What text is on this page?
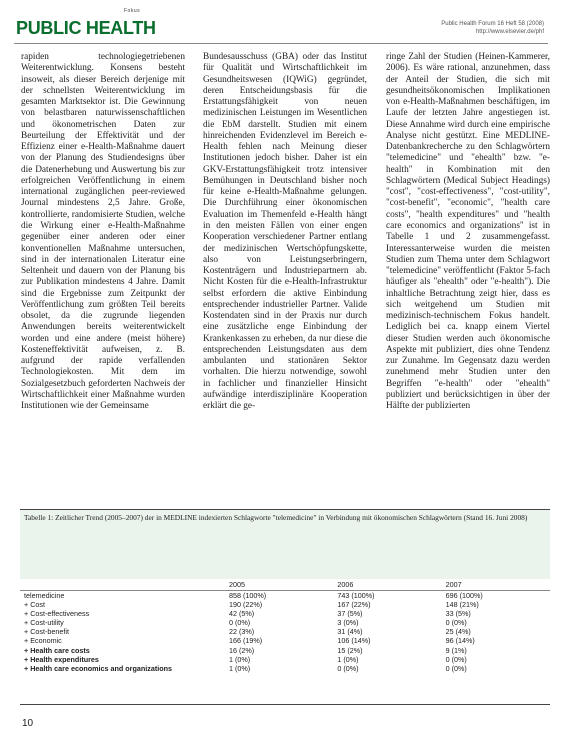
Fokus
PUBLIC HEALTH	Public Health Forum 16 Heft 58 (2008)
http://www.elsevier.de/phf

rapiden technologiegetriebenen Weiterentwicklung. Konsens besteht insoweit, als dieser Bereich derjenige mit der schnellsten Weiterentwicklung im gesamten Marktsektor ist. Die Gewinnung von belastbaren naturwissenschaftlichen und ökonometrischen Daten zur Beurteilung der Effektivität und der Effizienz einer e-Health-Maßnahme dauert von der Planung des Studiendesigns über die Datenerhebung und Auswertung bis zur erfolgreichen Veröffentlichung in einem international zugänglichen peer-reviewed Journal mindestens 2,5 Jahre. Große, kontrollierte, randomisierte Studien, welche die Wirkung einer e-Health-Maßnahme gegenüber einer anderen oder einer konventionellen Maßnahme untersuchen, sind in der internationalen Literatur eine Seltenheit und dauern von der Planung bis zur Publikation mindestens 4 Jahre. Damit sind die Ergebnisse zum Zeitpunkt der Veröffentlichung zum größten Teil bereits obsolet, da die zugrunde liegenden Anwendungen bereits weiterentwickelt worden und eine andere (meist höhere) Kosteneffektivität aufweisen, z. B. aufgrund der rapide verfallenden Technologiekosten. Mit dem im Sozialgesetzbuch geforderten Nachweis der Wirtschaftlichkeit einer Maßnahme wurden Institutionen wie der Gemeinsame

Bundesausschuss (GBA) oder das Institut für Qualität und Wirtschaftlichkeit im Gesundheitswesen (IQWiG) gegründet, deren Entscheidungsbasis für die Erstattungsfähigkeit von neuen medizinischen Leistungen im Wesentlichen die EbM darstellt. Studien mit einem hinreichenden Evidenzlevel im Bereich e-Health fehlen nach Meinung dieser Institutionen jedoch bisher. Daher ist ein GKV-Erstattungsfähigkeit trotz intensiver Bemühungen in Deutschland bisher noch für keine e-Health-Maßnahme gelungen. Die Durchführung einer ökonomischen Evaluation im Themenfeld e-Health hängt in den meisten Fällen von einer engen Kooperation verschiedener Partner entlang der medizinischen Wertschöpfungskette, also von Leistungserbringern, Kostenträgern und Industriepartnern ab. Nicht Kosten für die e-Health-Infrastruktur selbst erfordern die aktive Einbindung entsprechender industrieller Partner. Valide Kostendaten sind in der Praxis nur durch eine zusätzliche enge Einbindung der Krankenkassen zu erheben, da nur diese die entsprechenden Leistungsdaten aus dem ambulanten und stationären Sektor vorhalten. Die hierzu notwendige, sowohl in fachlicher und finanzieller Hinsicht aufwändige interdisziplinäre Kooperation erklärt die ge-

ringe Zahl der Studien (Heinen-Kammerer, 2006). Es wäre rational, anzunehmen, dass der Anteil der Studien, die sich mit gesundheitsökonomischen Implikationen von e-Health-Maßnahmen beschäftigen, im Laufe der letzten Jahre angestiegen ist. Diese Annahme wird durch eine empirische Analyse nicht gestützt. Eine MEDLINE-Datenbankrecherche zu den Schlagwörtern "telemedicine" und "ehealth" bzw. "e-health" in Kombination mit den Schlagwörtern (Medical Subject Headings) "cost", "cost-effectiveness", "cost-utility", "cost-benefit", "economic", "health care costs", "health expenditures" und "health care economics and organizations" ist in Tabelle 1 und 2 zusammengefasst. Interessanterweise wurden die meisten Studien zum Thema unter dem Schlagwort "telemedicine" veröffentlicht (Faktor 5-fach häufiger als "ehealth" oder "e-health"). Die inhaltliche Betrachtung zeigt hier, dass es sich weitgehend um Studien mit medizinisch-technischem Fokus handelt. Lediglich bei ca. knapp einem Viertel dieser Studien werden auch ökonomische Aspekte mit publiziert, dies ohne Tendenz zur Zunahme. Im Gegensatz dazu werden zunehmend mehr Studien unter den Begriffen "e-health" oder "ehealth" publiziert und berücksichtigen in über der Hälfte der publizierten

Tabelle 1: Zeitlicher Trend (2005–2007) der in MEDLINE indexierten Schlagworte "telemedicine" in Verbindung mit ökonomischen Schlagwörtern (Stand 16. Juni 2008)
	2005	2006	2007
telemedicine	858 (100%)	743 (100%)	696 (100%)
+ Cost	190 (22%)	167 (22%)	148 (21%)
+ Cost-effectiveness	42 (5%)	37 (5%)	33 (5%)
+ Cost-utility	0 (0%)	3 (0%)	0 (0%)
+ Cost-benefit	22 (3%)	31 (4%)	25 (4%)
+ Economic	166 (19%)	106 (14%)	96 (14%)
+ Health care costs	16 (2%)	15 (2%)	9 (1%)
+ Health expenditures	1 (0%)	1 (0%)	0 (0%)
+ Health care economics and organizations	1 (0%)	0 (0%)	0 (0%)
10
